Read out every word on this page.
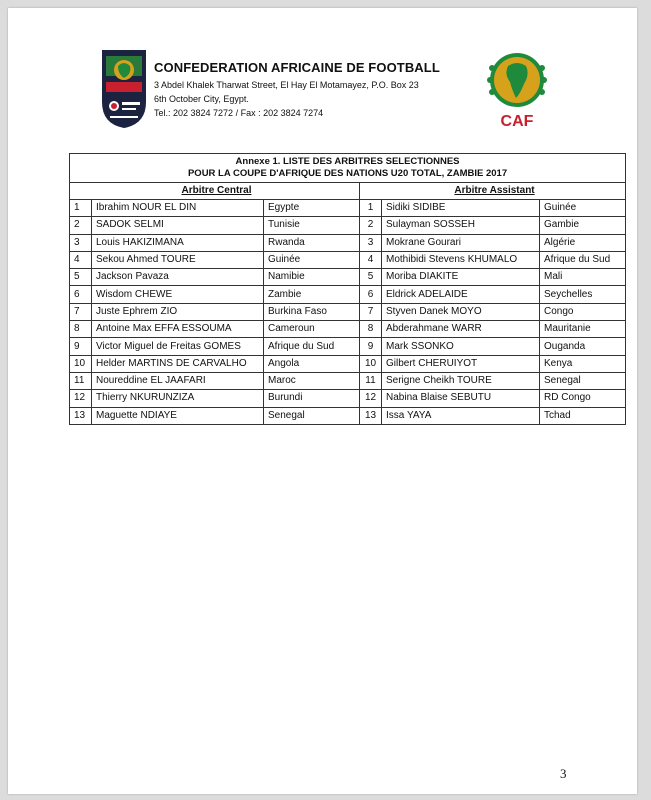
CONFEDERATION AFRICAINE DE FOOTBALL
3 Abdel Khalek Tharwat Street, El Hay El Motamayez, P.O. Box 23
6th October City, Egypt.
Tel.: 202 3824 7272 / Fax : 202 3824 7274	CAF
Annexe 1. LISTE DES ARBITRES SELECTIONNES
POUR LA COUPE D'AFRIQUE DES NATIONS U20 TOTAL, ZAMBIE 2017					

Arbitre Central			Arbitre Assistant		

1	Ibrahim NOUR EL DIN	Egypte	1	Sidiki SIDIBE	Guinée
2	SADOK SELMI	Tunisie	2	Sulayman SOSSEH	Gambie
3	Louis HAKIZIMANA	Rwanda	3	Mokrane Gourari	Algérie
4	Sekou Ahmed TOURE	Guinée	4	Mothibidi Stevens KHUMALO	Afrique du Sud
5	Jackson Pavaza	Namibie	5	Moriba DIAKITE	Mali
6	Wisdom CHEWE	Zambie	6	Eldrick ADELAIDE	Seychelles
7	Juste Ephrem ZIO	Burkina Faso	7	Styven Danek MOYO	Congo
8	Antoine Max EFFA ESSOUMA	Cameroun	8	Abderahmane WARR	Mauritanie
9	Victor Miguel de Freitas GOMES	Afrique du Sud	9	Mark SSONKO	Ouganda
10	Helder MARTINS DE CARVALHO	Angola	10	Gilbert CHERUIYOT	Kenya
11	Noureddine EL JAAFARI	Maroc	11	Serigne Cheikh TOURE	Senegal
12	Thierry NKURUNZIZA	Burundi	12	Nabina Blaise SEBUTU	RD Congo
13	Maguette NDIAYE	Senegal	13	Issa YAYA	Tchad
3
